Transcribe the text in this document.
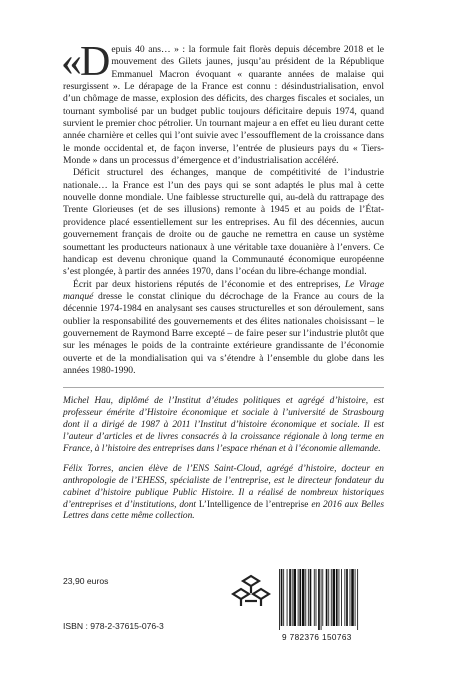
«Depuis 40 ans… » : la formule fait florès depuis décembre 2018 et le mouvement des Gilets jaunes, jusqu’au président de la République Emmanuel Macron évoquant « quarante années de malaise qui resurgissent ». Le dérapage de la France est connu : désindustrialisation, envol d’un chômage de masse, explosion des déficits, des charges fiscales et sociales, un tournant symbolisé par un budget public toujours déficitaire depuis 1974, quand survient le premier choc pétrolier. Un tournant majeur a en effet eu lieu durant cette année charnière et celles qui l’ont suivie avec l’essoufflement de la croissance dans le monde occidental et, de façon inverse, l’entrée de plusieurs pays du « Tiers-Monde » dans un processus d’émergence et d’industrialisation accéléré.

Déficit structurel des échanges, manque de compétitivité de l’industrie nationale… la France est l’un des pays qui se sont adaptés le plus mal à cette nouvelle donne mondiale. Une faiblesse structurelle qui, au-delà du rattrapage des Trente Glorieuses (et de ses illusions) remonte à 1945 et au poids de l’État-providence placé essentiellement sur les entreprises. Au fil des décennies, aucun gouvernement français de droite ou de gauche ne remettra en cause un système soumettant les producteurs nationaux à une véritable taxe douanière à l’envers. Ce handicap est devenu chronique quand la Communauté économique européenne s’est plongée, à partir des années 1970, dans l’océan du libre-échange mondial.

Écrit par deux historiens réputés de l’économie et des entreprises, Le Virage manqué dresse le constat clinique du décrochage de la France au cours de la décennie 1974-1984 en analysant ses causes structurelles et son déroulement, sans oublier la responsabilité des gouvernements et des élites nationales choisissant – le gouvernement de Raymond Barre excepté – de faire peser sur l’industrie plutôt que sur les ménages le poids de la contrainte extérieure grandissante de l’économie ouverte et de la mondialisation qui va s’étendre à l’ensemble du globe dans les années 1980-1990.

Michel Hau, diplômé de l’Institut d’études politiques et agrégé d’histoire, est professeur émérite d’Histoire économique et sociale à l’université de Strasbourg dont il a dirigé de 1987 à 2011 l’Institut d’histoire économique et sociale. Il est l’auteur d’articles et de livres consacrés à la croissance régionale à long terme en France, à l’histoire des entreprises dans l’espace rhénan et à l’économie allemande.

Félix Torres, ancien élève de l’ENS Saint-Cloud, agrégé d’histoire, docteur en anthropologie de l’EHESS, spécialiste de l’entreprise, est le directeur fondateur du cabinet d’histoire publique Public Histoire. Il a réalisé de nombreux historiques d’entreprises et d’institutions, dont L’Intelligence de l’entreprise en 2016 aux Belles Lettres dans cette même collection.

23,90 euros
9 782376 150763
ISBN : 978-2-37615-076-3
